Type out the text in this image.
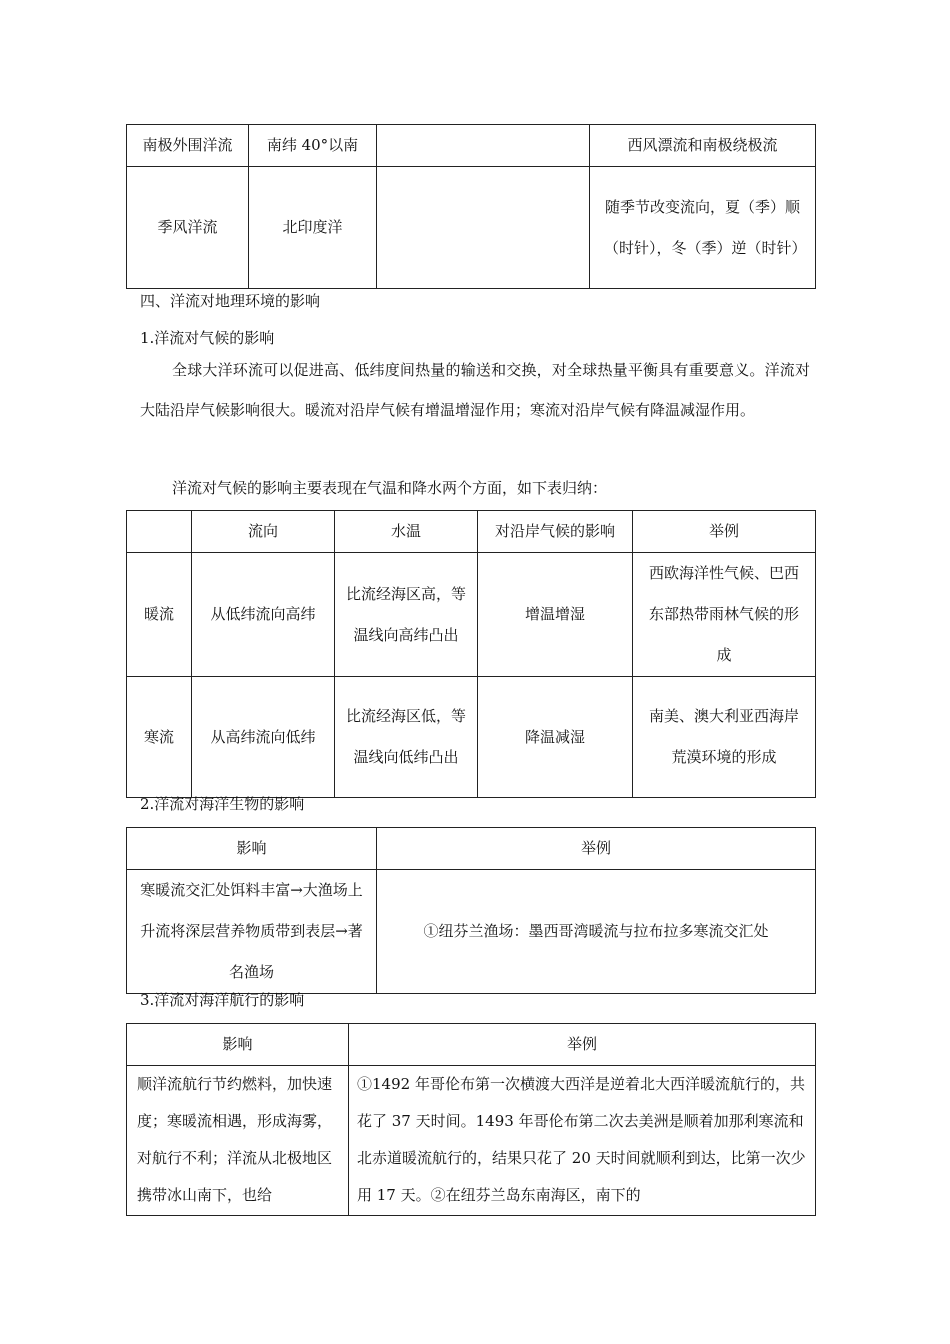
南极外围洋流	南纬 40°以南		西风漂流和南极绕极流
季风洋流	北印度洋		随季节改变流向，夏（季）顺（时针），冬（季）逆（时针）
四、洋流对地理环境的影响
1.洋流对气候的影响
全球大洋环流可以促进高、低纬度间热量的输送和交换，对全球热量平衡具有重要意义。洋流对大陆沿岸气候影响很大。暖流对沿岸气候有增温增湿作用；寒流对沿岸气候有降温减湿作用。
洋流对气候的影响主要表现在气温和降水两个方面，如下表归纳：
	流向	水温	对沿岸气候的影响	举例
暖流	从低纬流向高纬	比流经海区高，等温线向高纬凸出	增温增湿	西欧海洋性气候、巴西东部热带雨林气候的形成
寒流	从高纬流向低纬	比流经海区低，等温线向低纬凸出	降温减湿	南美、澳大利亚西海岸荒漠环境的形成
2.洋流对海洋生物的影响
影响	举例
寒暖流交汇处饵料丰富→大渔场上升流将深层营养物质带到表层→著名渔场	①纽芬兰渔场：墨西哥湾暖流与拉布拉多寒流交汇处
3.洋流对海洋航行的影响
影响	举例
顺洋流航行节约燃料，加快速度；寒暖流相遇，形成海雾，对航行不利；洋流从北极地区携带冰山南下，也给	①1492 年哥伦布第一次横渡大西洋是逆着北大西洋暖流航行的，共花了 37 天时间。1493 年哥伦布第二次去美洲是顺着加那利寒流和北赤道暖流航行的，结果只花了 20 天时间就顺利到达，比第一次少用 17 天。②在纽芬兰岛东南海区，南下的
